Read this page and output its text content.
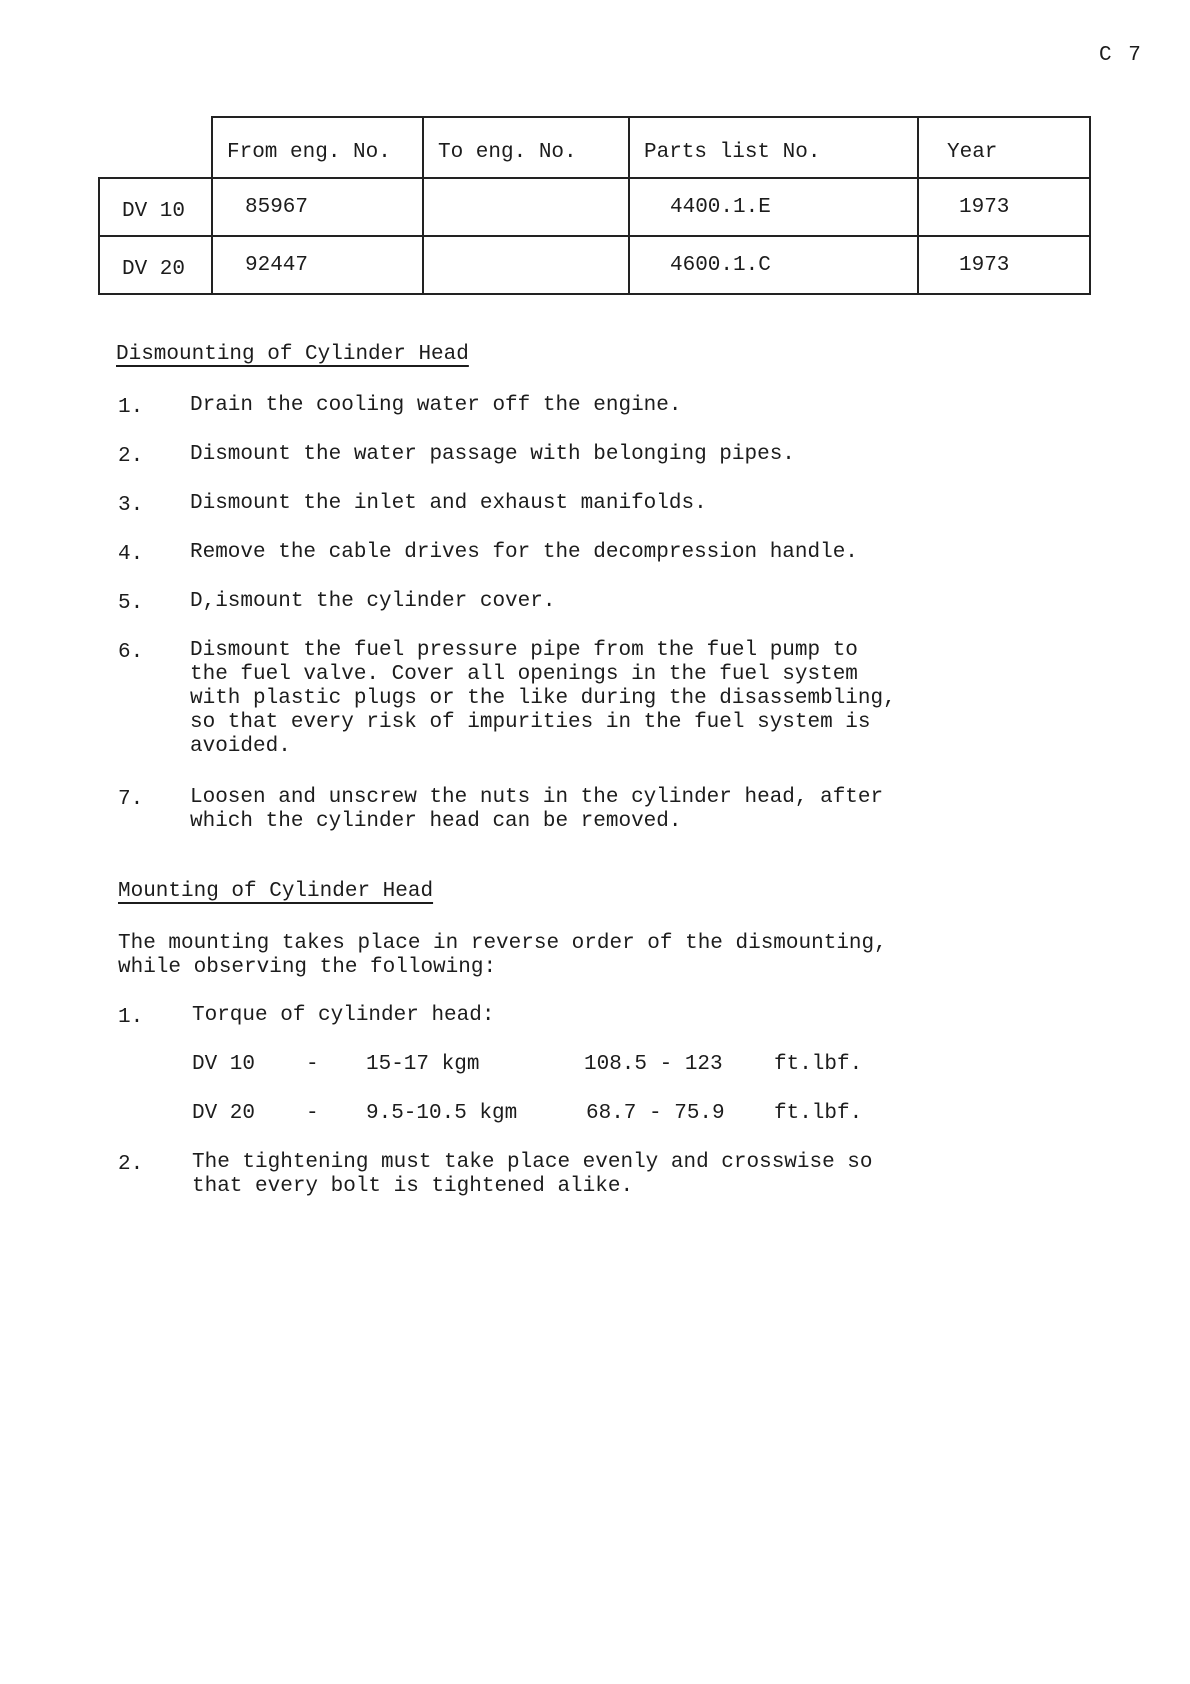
C 7
	From eng. No.	To eng. No.	Parts list No.	Year
DV 10	85967		4400.1.E	1973
DV 20	92447		4600.1.C	1973
Dismounting of Cylinder Head
1. Drain the cooling water off the engine.
2. Dismount the water passage with belonging pipes.
3. Dismount the inlet and exhaust manifolds.
4. Remove the cable drives for the decompression handle.
5. D,ismount the cylinder cover.
6. Dismount the fuel pressure pipe from the fuel pump to
the fuel valve. Cover all openings in the fuel system
with plastic plugs or the like during the disassembling,
so that every risk of impurities in the fuel system is
avoided.
7. Loosen and unscrew the nuts in the cylinder head, after
which the cylinder head can be removed.
Mounting of Cylinder Head
The mounting takes place in reverse order of the dismounting,
while observing the following:
1. Torque of cylinder head:
DV 10 - 15-17 kgm	108.5 - 123 ft.lbf.
DV 20 - 9.5-10.5 kgm	68.7 - 75.9 ft.lbf.
2. The tightening must take place evenly and crosswise so
that every bolt is tightened alike.
